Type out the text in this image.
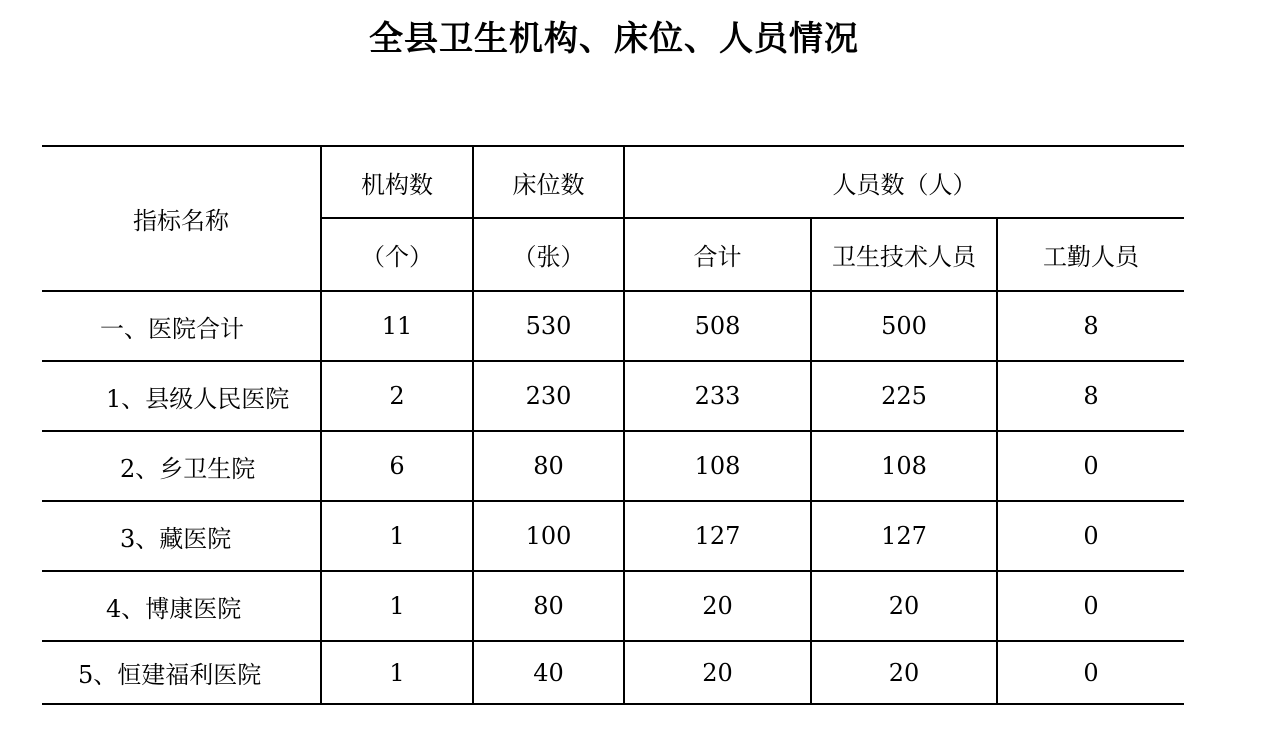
全县卫生机构、床位、人员情况
指标名称	机构数	床位数	人员数（人）		
	（个）	（张）	合计	卫生技术人员	工勤人员
一、医院合计	11	530	508	500	8
1、县级人民医院	2	230	233	225	8
2、乡卫生院	6	80	108	108	0
3、藏医院	1	100	127	127	0
4、博康医院	1	80	20	20	0
5、恒建福利医院	1	40	20	20	0
